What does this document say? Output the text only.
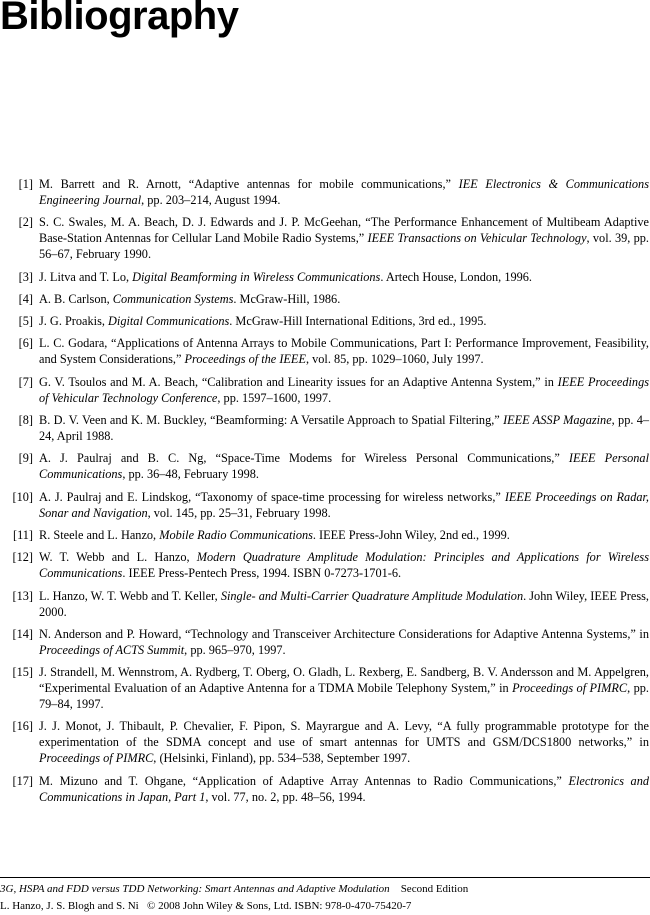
Bibliography
[1] M. Barrett and R. Arnott, “Adaptive antennas for mobile communications,” IEE Electronics & Communications Engineering Journal, pp. 203–214, August 1994.
[2] S. C. Swales, M. A. Beach, D. J. Edwards and J. P. McGeehan, “The Performance Enhancement of Multibeam Adaptive Base-Station Antennas for Cellular Land Mobile Radio Systems,” IEEE Transactions on Vehicular Technology, vol. 39, pp. 56–67, February 1990.
[3] J. Litva and T. Lo, Digital Beamforming in Wireless Communications. Artech House, London, 1996.
[4] A. B. Carlson, Communication Systems. McGraw-Hill, 1986.
[5] J. G. Proakis, Digital Communications. McGraw-Hill International Editions, 3rd ed., 1995.
[6] L. C. Godara, “Applications of Antenna Arrays to Mobile Communications, Part I: Performance Improvement, Feasibility, and System Considerations,” Proceedings of the IEEE, vol. 85, pp. 1029–1060, July 1997.
[7] G. V. Tsoulos and M. A. Beach, “Calibration and Linearity issues for an Adaptive Antenna System,” in IEEE Proceedings of Vehicular Technology Conference, pp. 1597–1600, 1997.
[8] B. D. V. Veen and K. M. Buckley, “Beamforming: A Versatile Approach to Spatial Filtering,” IEEE ASSP Magazine, pp. 4–24, April 1988.
[9] A. J. Paulraj and B. C. Ng, “Space-Time Modems for Wireless Personal Communications,” IEEE Personal Communications, pp. 36–48, February 1998.
[10] A. J. Paulraj and E. Lindskog, “Taxonomy of space-time processing for wireless networks,” IEEE Proceedings on Radar, Sonar and Navigation, vol. 145, pp. 25–31, February 1998.
[11] R. Steele and L. Hanzo, Mobile Radio Communications. IEEE Press-John Wiley, 2nd ed., 1999.
[12] W. T. Webb and L. Hanzo, Modern Quadrature Amplitude Modulation: Principles and Applications for Wireless Communications. IEEE Press-Pentech Press, 1994. ISBN 0-7273-1701-6.
[13] L. Hanzo, W. T. Webb and T. Keller, Single- and Multi-Carrier Quadrature Amplitude Modulation. John Wiley, IEEE Press, 2000.
[14] N. Anderson and P. Howard, “Technology and Transceiver Architecture Considerations for Adaptive Antenna Systems,” in Proceedings of ACTS Summit, pp. 965–970, 1997.
[15] J. Strandell, M. Wennstrom, A. Rydberg, T. Oberg, O. Gladh, L. Rexberg, E. Sandberg, B. V. Andersson and M. Appelgren, “Experimental Evaluation of an Adaptive Antenna for a TDMA Mobile Telephony System,” in Proceedings of PIMRC, pp. 79–84, 1997.
[16] J. J. Monot, J. Thibault, P. Chevalier, F. Pipon, S. Mayrargue and A. Levy, “A fully programmable prototype for the experimentation of the SDMA concept and use of smart antennas for UMTS and GSM/DCS1800 networks,” in Proceedings of PIMRC, (Helsinki, Finland), pp. 534–538, September 1997.
[17] M. Mizuno and T. Ohgane, “Application of Adaptive Array Antennas to Radio Communications,” Electronics and Communications in Japan, Part 1, vol. 77, no. 2, pp. 48–56, 1994.
3G, HSPA and FDD versus TDD Networking: Smart Antennas and Adaptive Modulation Second Edition
L. Hanzo, J. S. Blogh and S. Ni © 2008 John Wiley & Sons, Ltd. ISBN: 978-0-470-75420-7
